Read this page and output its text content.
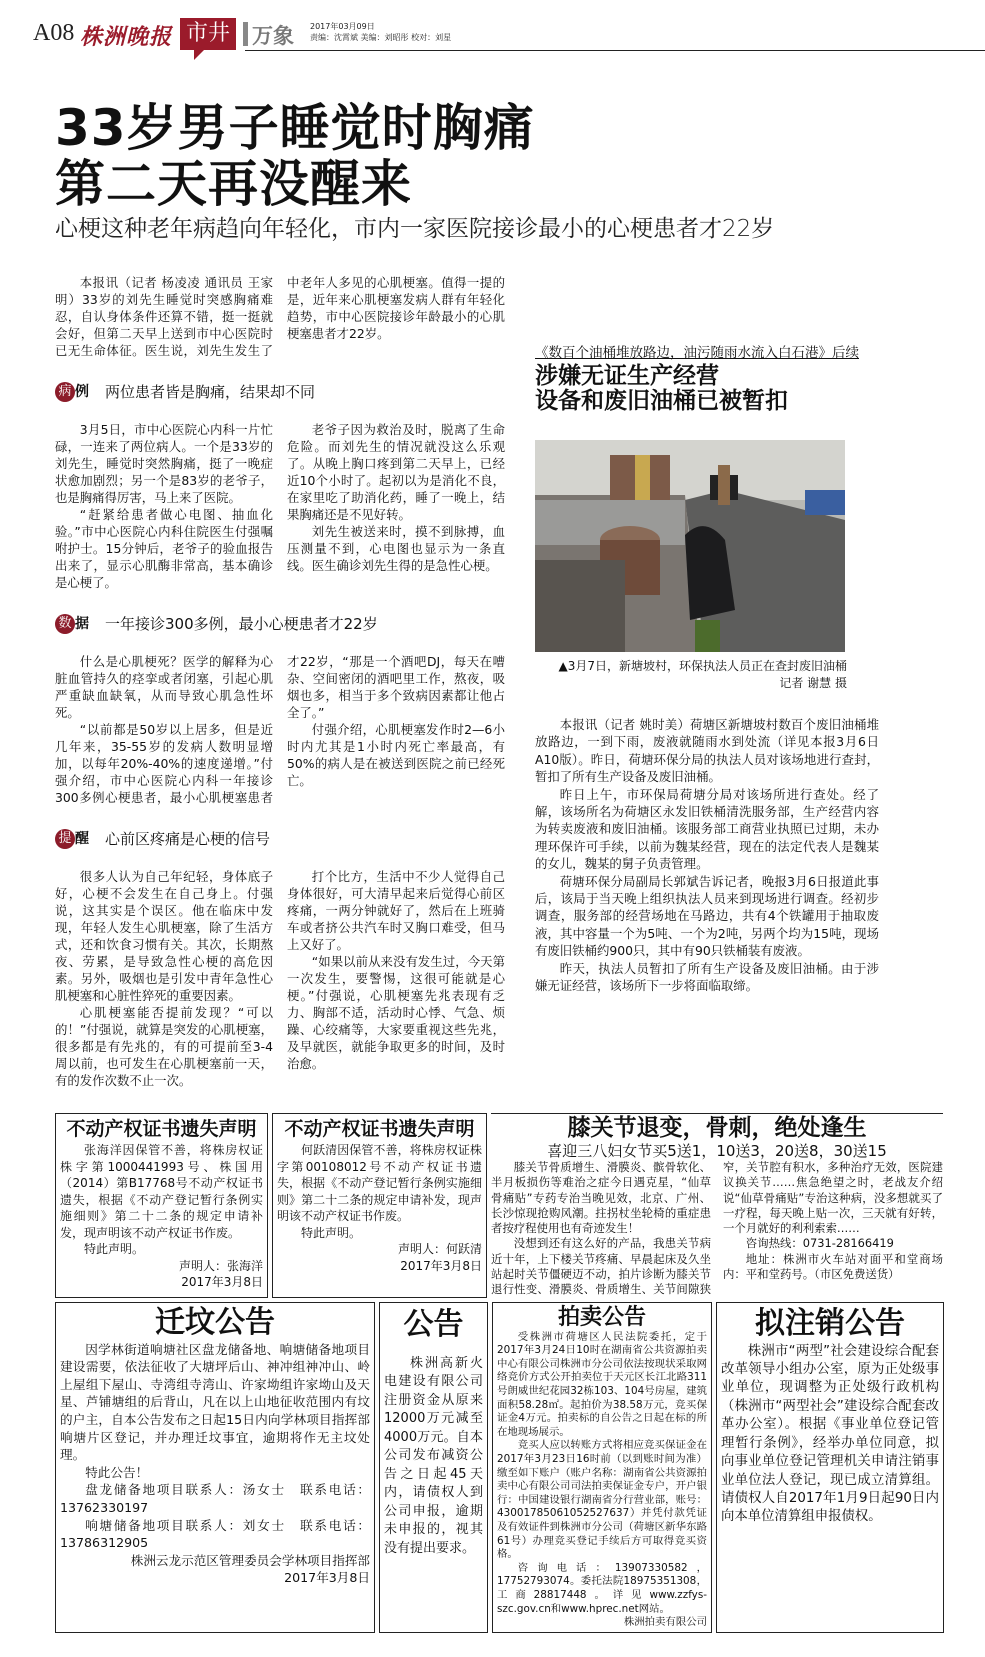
A08 株洲晚报 市井 万象 2017年03月09日
责编：沈霄斌 美编：刘昭彤 校对：刘星
33岁男子睡觉时胸痛
第二天再没醒来
心梗这种老年病趋向年轻化，市内一家医院接诊最小的心梗患者才22岁

本报讯（记者 杨凌凌 通讯员 王家明）33岁的刘先生睡觉时突感胸痛难忍，自认身体条件还算不错，挺一挺就会好，但第二天早上送到市中心医院时已无生命体征。医生说，刘先生发生了中老年人多见的心肌梗塞。值得一提的是，近年来心肌梗塞发病人群有年轻化趋势，市中心医院接诊年龄最小的心肌梗塞患者才22岁。

病 例 两位患者皆是胸痛，结果却不同

3月5日，市中心医院心内科一片忙碌，一连来了两位病人。一个是33岁的刘先生，睡觉时突然胸痛，挺了一晚症状愈加剧烈；另一个是83岁的老爷子，也是胸痛得厉害，马上来了医院。

“赶紧给患者做心电图、抽血化验。”市中心医院心内科住院医生付强嘱咐护士。15分钟后，老爷子的验血报告出来了，显示心肌酶非常高，基本确诊是心梗了。

老爷子因为救治及时，脱离了生命危险。而刘先生的情况就没这么乐观了。从晚上胸口疼到第二天早上，已经近10个小时了。起初以为是消化不良，在家里吃了助消化药，睡了一晚上，结果胸痛还是不见好转。

刘先生被送来时，摸不到脉搏，血压测量不到，心电图也显示为一条直线。医生确诊刘先生得的是急性心梗。

数 据 一年接诊300多例，最小心梗患者才22岁

什么是心肌梗死？医学的解释为心脏血管持久的痉挛或者闭塞，引起心肌严重缺血缺氧，从而导致心肌急性坏死。

“以前都是50岁以上居多，但是近几年来，35-55岁的发病人数明显增加，以每年20%-40%的速度递增。”付强介绍，市中心医院心内科一年接诊300多例心梗患者，最小心肌梗塞患者才22岁，“那是一个酒吧DJ，每天在嘈杂、空间密闭的酒吧里工作，熬夜，吸烟也多，相当于多个致病因素都让他占全了。”

付强介绍，心肌梗塞发作时2—6小时内尤其是1小时内死亡率最高，有50%的病人是在被送到医院之前已经死亡。

提 醒 心前区疼痛是心梗的信号

很多人认为自己年纪轻，身体底子好，心梗不会发生在自己身上。付强说，这其实是个误区。他在临床中发现，年轻人发生心肌梗塞，除了生活方式，还和饮食习惯有关。其次，长期熬夜、劳累，是导致急性心梗的高危因素。另外，吸烟也是引发中青年急性心肌梗塞和心脏性猝死的重要因素。

心肌梗塞能否提前发现？“可以的！”付强说，就算是突发的心肌梗塞，很多都是有先兆的，有的可提前至3-4周以前，也可发生在心肌梗塞前一天，有的发作次数不止一次。

打个比方，生活中不少人觉得自己身体很好，可大清早起来后觉得心前区疼痛，一两分钟就好了，然后在上班骑车或者挤公共汽车时又胸口难受，但马上又好了。

“如果以前从来没有发生过，今天第一次发生，要警惕，这很可能就是心梗。”付强说，心肌梗塞先兆表现有乏力、胸部不适，活动时心悸、气急、烦躁、心绞痛等，大家要重视这些先兆，及早就医，就能争取更多的时间，及时治愈。

《数百个油桶堆放路边，油污随雨水流入白石港》后续
涉嫌无证生产经营
设备和废旧油桶已被暂扣
▲3月7日，新塘坡村，环保执法人员正在查封废旧油桶
记者 谢慧 摄

本报讯（记者 姚时美）荷塘区新塘坡村数百个废旧油桶堆放路边，一到下雨，废液就随雨水到处流（详见本报3月6日A10版）。昨日，荷塘环保分局的执法人员对该场地进行查封，暂扣了所有生产设备及废旧油桶。

昨日上午，市环保局荷塘分局对该场所进行查处。经了解，该场所名为荷塘区永发旧铁桶清洗服务部，生产经营内容为转卖废液和废旧油桶。该服务部工商营业执照已过期，未办理环保许可手续，以前为魏某经营，现在的法定代表人是魏某的女儿，魏某的舅子负责管理。

荷塘环保分局副局长郭斌告诉记者，晚报3月6日报道此事后，该局于当天晚上组织执法人员来到现场进行调查。经初步调查，服务部的经营场地在马路边，共有4个铁罐用于抽取废液，其中容量一个为5吨、一个为2吨，另两个均为15吨，现场有废旧铁桶约900只，其中有90只铁桶装有废液。

昨天，执法人员暂扣了所有生产设备及废旧油桶。由于涉嫌无证经营，该场所下一步将面临取缔。

不动产权证书遗失声明

张海洋因保管不善，将株房权证株字第1000441993号、株国用（2014）第B17768号不动产权证书遗失，根据《不动产登记暂行条例实施细则》第二十二条的规定申请补发，现声明该不动产权证书作废。

特此声明。

声明人：张海洋
2017年3月8日
不动产权证书遗失声明

何跃清因保管不善，将株房权证株字第00108012号不动产权证书遗失，根据《不动产登记暂行条例实施细则》第二十二条的规定申请补发，现声明该不动产权证书作废。

特此声明。

声明人：何跃清
2017年3月8日
膝关节退变，骨刺，绝处逢生
喜迎三八妇女节买5送1，10送3，20送8，30送15

膝关节骨质增生、滑膜炎、髌骨软化、半月板损伤等难治之症今日遇克星，“仙草骨痛贴”专药专治当晚见效，北京、广州、长沙惊现抢购风潮。拄拐杖坐轮椅的重症患者按疗程使用也有奇迹发生！

没想到还有这么好的产品，我患关节病近十年，上下楼关节疼痛、早晨起床及久坐站起时关节僵硬迈不动，拍片诊断为膝关节退行性变、滑膜炎、骨质增生、关节间隙狭窄，关节腔有积水，多种治疗无效，医院建议换关节……焦急绝望之时，老战友介绍说“仙草骨痛贴”专治这种病，没多想就买了一疗程，每天晚上贴一次，三天就有好转，一个月就好的利利索索……

咨询热线：0731-28166419

地址：株洲市火车站对面平和堂商场内：平和堂药号。（市区免费送货）

迁坟公告

因学林街道响塘社区盘龙储备地、响塘储备地项目建设需要，依法征收了大塘坪后山、神冲组神冲山、岭上屋组下屋山、寺湾组寺湾山、许家坳组许家坳山及天星、芦铺塘组的后背山，凡在以上山地征收范围内有坟的户主，自本公告发布之日起15日内向学林项目指挥部响塘片区登记，并办理迁坟事宜，逾期将作无主坟处理。

特此公告！

盘龙储备地项目联系人：汤女士　联系电话：13762330197

响塘储备地项目联系人：刘女士　联系电话：13786312905

株洲云龙示范区管理委员会学林项目指挥部
2017年3月8日
公告

株洲高新火电建设有限公司注册资金从原来12000万元减至4000万元。自本公司发布减资公告之日起45天内，请债权人到公司申报，逾期未申报的，视其没有提出要求。

拍卖公告

受株洲市荷塘区人民法院委托，定于2017年3月24日10时在湖南省公共资源拍卖中心有限公司株洲市分公司依法按现状采取网络竞价方式公开拍卖位于天元区长江北路311号朗威世纪花园32栋103、104号房屋，建筑面积58.28㎡。起拍价为38.58万元，竞买保证金4万元。拍卖标的自公告之日起在标的所在地现场展示。

竞买人应以转账方式将相应竞买保证金在2017年3月23日16时前（以到账时间为准）缴至如下账户（账户名称：湖南省公共资源拍卖中心有限公司司法拍卖保证金专户，开户银行：中国建设银行湖南省分行营业部，账号：43001785061052527637）并凭付款凭证及有效证件到株洲市分公司（荷塘区新华东路61号）办理竞买登记手续后方可取得竞买资格。

咨询电话：13907330582，17752793074。委托法院18975351308，工商28817448。详见www.zzfys-szc.gov.cn和www.hprec.net网站。

株洲拍卖有限公司
拟注销公告

株洲市“两型”社会建设综合配套改革领导小组办公室，原为正处级事业单位，现调整为正处级行政机构（株洲市“两型社会”建设综合配套改革办公室）。根据《事业单位登记管理暂行条例》，经举办单位同意，拟向事业单位登记管理机关申请注销事业单位法人登记，现已成立清算组。请债权人自2017年1月9日起90日内向本单位清算组申报债权。
